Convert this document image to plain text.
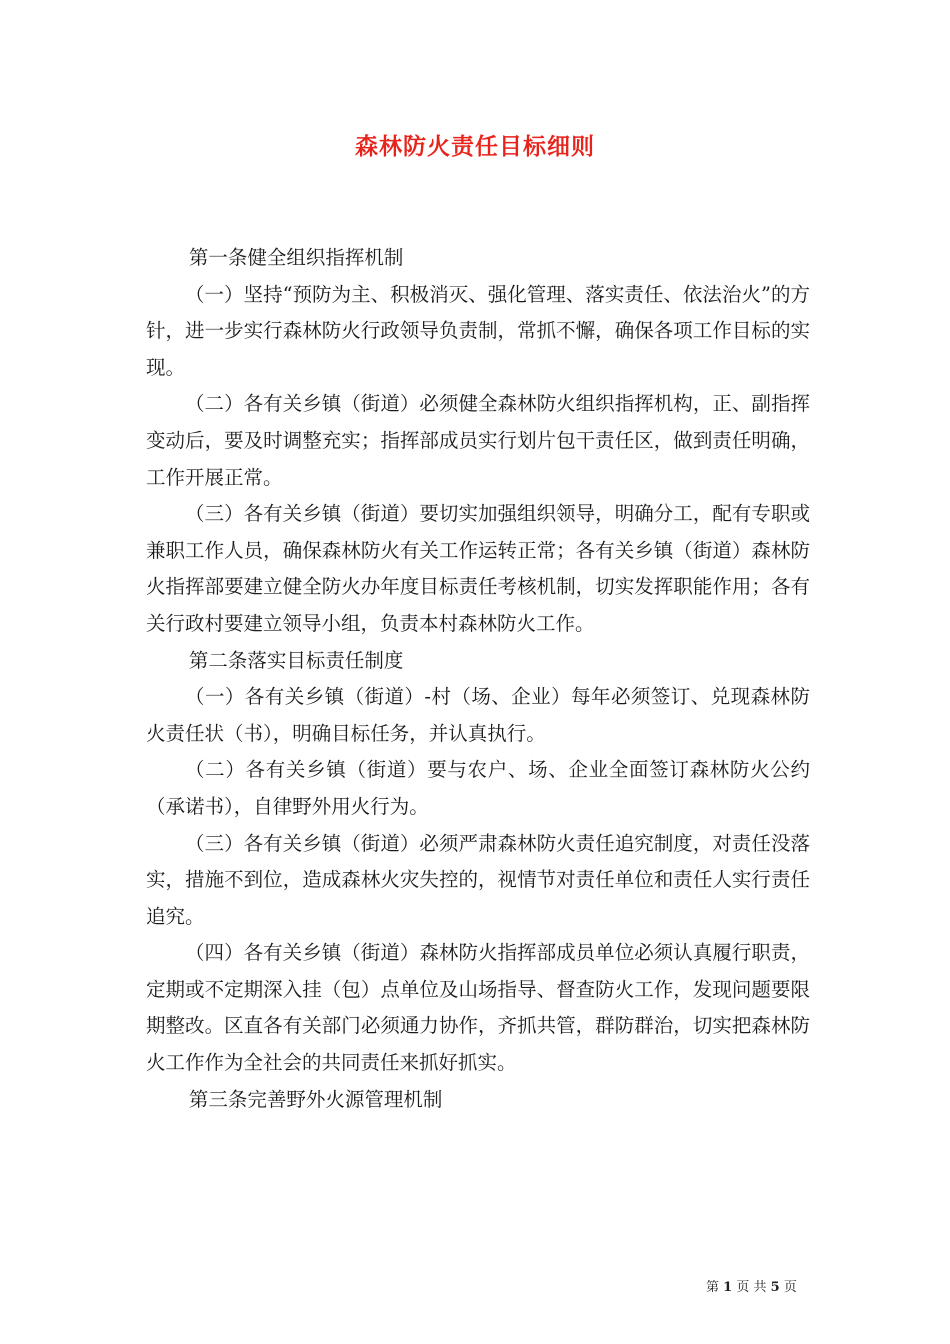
森林防火责任目标细则

第一条健全组织指挥机制

（一）坚持“预防为主、积极消灭、强化管理、落实责任、依法治火”的方针，进一步实行森林防火行政领导负责制，常抓不懈，确保各项工作目标的实现。

（二）各有关乡镇（街道）必须健全森林防火组织指挥机构，正、副指挥变动后，要及时调整充实；指挥部成员实行划片包干责任区，做到责任明确，工作开展正常。

（三）各有关乡镇（街道）要切实加强组织领导，明确分工，配有专职或兼职工作人员，确保森林防火有关工作运转正常；各有关乡镇（街道）森林防火指挥部要建立健全防火办年度目标责任考核机制，切实发挥职能作用；各有关行政村要建立领导小组，负责本村森林防火工作。

第二条落实目标责任制度

（一）各有关乡镇（街道）-村（场、企业）每年必须签订、兑现森林防火责任状（书），明确目标任务，并认真执行。

（二）各有关乡镇（街道）要与农户、场、企业全面签订森林防火公约（承诺书），自律野外用火行为。

（三）各有关乡镇（街道）必须严肃森林防火责任追究制度，对责任没落实，措施不到位，造成森林火灾失控的，视情节对责任单位和责任人实行责任追究。

（四）各有关乡镇（街道）森林防火指挥部成员单位必须认真履行职责，定期或不定期深入挂（包）点单位及山场指导、督查防火工作，发现问题要限期整改。区直各有关部门必须通力协作，齐抓共管，群防群治，切实把森林防火工作作为全社会的共同责任来抓好抓实。

第三条完善野外火源管理机制

第 1 页 共 5 页
